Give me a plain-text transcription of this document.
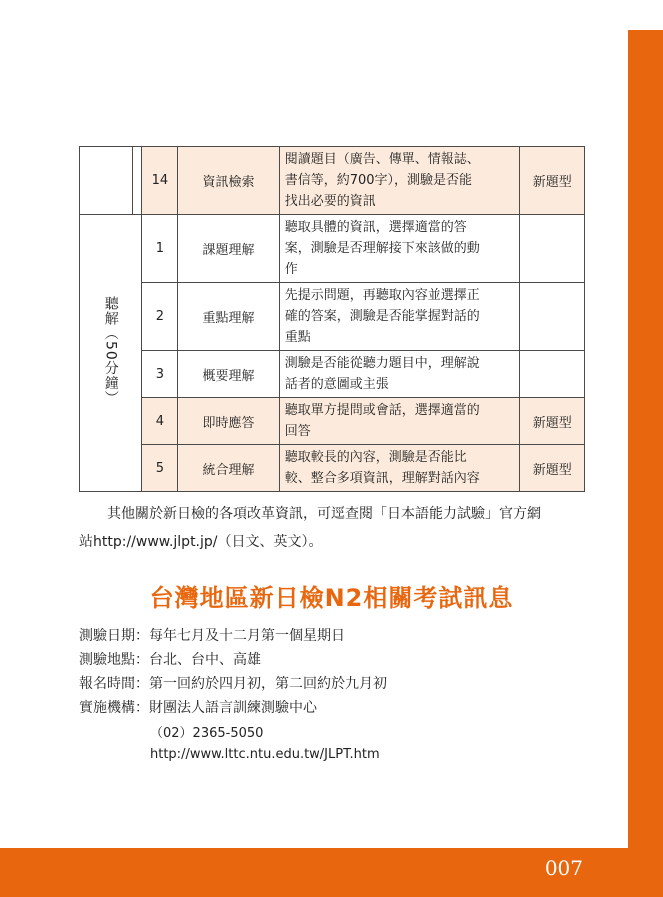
		14	資訊檢索	閱讀題目（廣告、傳單、情報誌、
書信等，約700字），測驗是否能
找出必要的資訊	新題型
聽解（50分鐘）		1	課題理解	聽取具體的資訊，選擇適當的答
案，測驗是否理解接下來該做的動
作	

		2	重點理解	先提示問題，再聽取內容並選擇正
確的答案，測驗是否能掌握對話的
重點	

		3	概要理解	測驗是否能從聽力題目中，理解說
話者的意圖或主張	

		4	即時應答	聽取單方提問或會話，選擇適當的
回答	新題型
		5	統合理解	聽取較長的內容，測驗是否能比
較、整合多項資訊，理解對話內容	新題型
其他關於新日檢的各項改革資訊，可逕查閱「日本語能力試驗」官方網
站http://www.jlpt.jp/（日文、英文）。
台灣地區新日檢N2相關考試訊息
測驗日期：每年七月及十二月第一個星期日
測驗地點：台北、台中、高雄
報名時間：第一回約於四月初，第二回約於九月初
實施機構：財團法人語言訓練測驗中心
（02）2365-5050
http://www.lttc.ntu.edu.tw/JLPT.htm
007
